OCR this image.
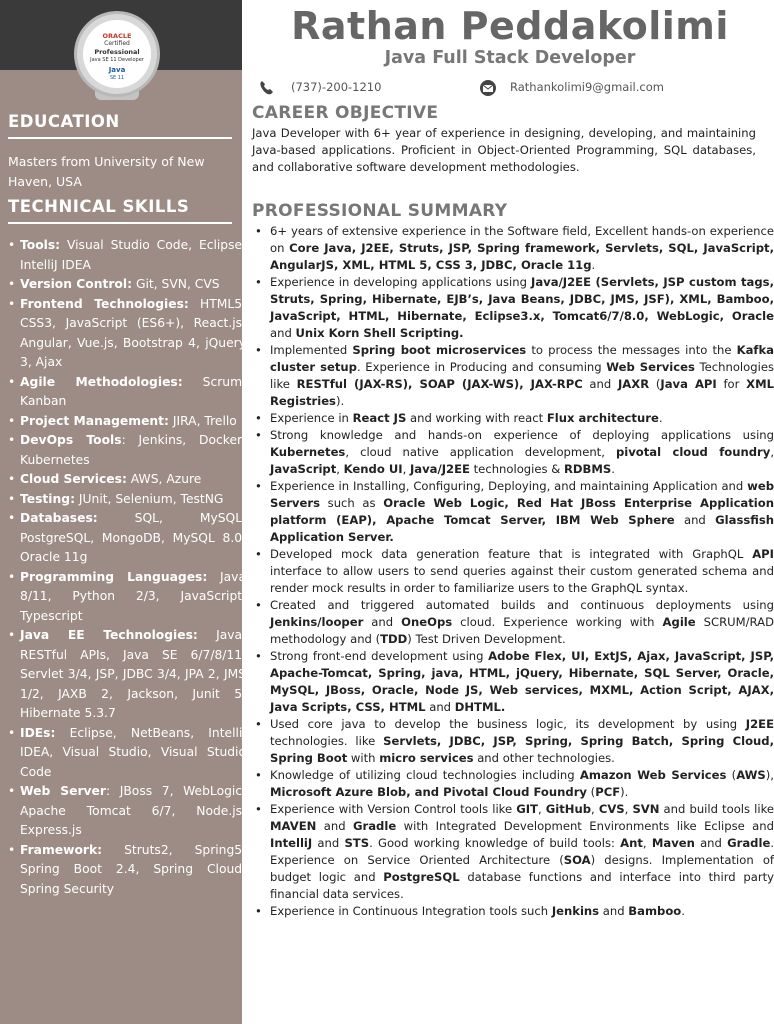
ORACLE
Certified
Professional
Java SE 11 Developer
Java
SE 11
EDUCATION
Masters from University of New Haven, USA
TECHNICAL SKILLS
• Tools: Visual Studio Code, Eclipse, IntelliJ IDEA
• Version Control: Git, SVN, CVS
• Frontend Technologies: HTML5, CSS3, JavaScript (ES6+), React.js, Angular, Vue.js, Bootstrap 4, jQuery 3, Ajax
• Agile Methodologies: Scrum, Kanban
• Project Management: JIRA, Trello
• DevOps Tools: Jenkins, Docker, Kubernetes
• Cloud Services: AWS, Azure
• Testing: JUnit, Selenium, TestNG
• Databases: SQL, MySQL, PostgreSQL, MongoDB, MySQL 8.0, Oracle 11g
• Programming Languages: Java 8/11, Python 2/3, JavaScript, Typescript
• Java EE Technologies: Java, RESTful APIs, Java SE 6/7/8/11, Servlet 3/4, JSP, JDBC 3/4, JPA 2, JMS 1/2, JAXB 2, Jackson, Junit 5, Hibernate 5.3.7
• IDEs: Eclipse, NetBeans, IntelliJ IDEA, Visual Studio, Visual Studio Code
• Web Server: JBoss 7, WebLogic, Apache Tomcat 6/7, Node.js, Express.js
• Framework: Struts2, Spring5, Spring Boot 2.4, Spring Cloud, Spring Security
Rathan Peddakolimi
Java Full Stack Developer
(737)-200-1210	Rathankolimi9@gmail.com
CAREER OBJECTIVE

Java Developer with 6+ year of experience in designing, developing, and maintaining Java-based applications. Proficient in Object-Oriented Programming, SQL databases, and collaborative software development methodologies.

PROFESSIONAL SUMMARY
• 6+ years of extensive experience in the Software field, Excellent hands-on experience on Core Java, J2EE, Struts, JSP, Spring framework, Servlets, SQL, JavaScript, AngularJS, XML, HTML 5, CSS 3, JDBC, Oracle 11g.
• Experience in developing applications using Java/J2EE (Servlets, JSP custom tags, Struts, Spring, Hibernate, EJB’s, Java Beans, JDBC, JMS, JSF), XML, Bamboo, JavaScript, HTML, Hibernate, Eclipse3.x, Tomcat6/7/8.0, WebLogic, Oracle and Unix Korn Shell Scripting.
• Implemented Spring boot microservices to process the messages into the Kafka cluster setup. Experience in Producing and consuming Web Services Technologies like RESTful (JAX-RS), SOAP (JAX-WS), JAX-RPC and JAXR (Java API for XML Registries).
• Experience in React JS and working with react Flux architecture.
• Strong knowledge and hands-on experience of deploying applications using Kubernetes, cloud native application development, pivotal cloud foundry, JavaScript, Kendo UI, Java/J2EE technologies & RDBMS.
• Experience in Installing, Configuring, Deploying, and maintaining Application and web Servers such as Oracle Web Logic, Red Hat JBoss Enterprise Application platform (EAP), Apache Tomcat Server, IBM Web Sphere and Glassfish Application Server.
• Developed mock data generation feature that is integrated with GraphQL API interface to allow users to send queries against their custom generated schema and render mock results in order to familiarize users to the GraphQL syntax.
• Created and triggered automated builds and continuous deployments using Jenkins/looper and OneOps cloud. Experience working with Agile SCRUM/RAD methodology and (TDD) Test Driven Development.
• Strong front-end development using Adobe Flex, UI, ExtJS, Ajax, JavaScript, JSP, Apache-Tomcat, Spring, java, HTML, jQuery, Hibernate, SQL Server, Oracle, MySQL, JBoss, Oracle, Node JS, Web services, MXML, Action Script, AJAX, Java Scripts, CSS, HTML and DHTML.
• Used core java to develop the business logic, its development by using J2EE technologies. like Servlets, JDBC, JSP, Spring, Spring Batch, Spring Cloud, Spring Boot with micro services and other technologies.
• Knowledge of utilizing cloud technologies including Amazon Web Services (AWS), Microsoft Azure Blob, and Pivotal Cloud Foundry (PCF).
• Experience with Version Control tools like GIT, GitHub, CVS, SVN and build tools like MAVEN and Gradle with Integrated Development Environments like Eclipse and IntelliJ and STS. Good working knowledge of build tools: Ant, Maven and Gradle. Experience on Service Oriented Architecture (SOA) designs. Implementation of budget logic and PostgreSQL database functions and interface into third party financial data services.
• Experience in Continuous Integration tools such Jenkins and Bamboo.
